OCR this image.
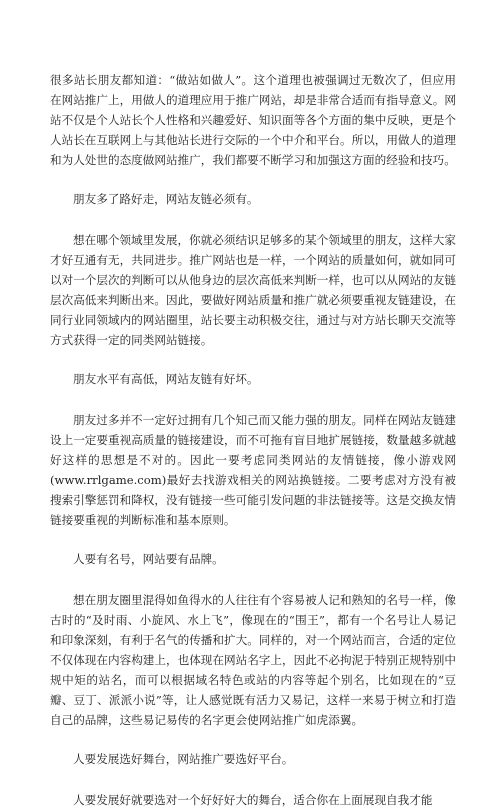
很多站长朋友都知道：“做站如做人”。这个道理也被强调过无数次了，但应用在网站推广上，用做人的道理应用于推广网站，却是非常合适而有指导意义。网站不仅是个人站长个人性格和兴趣爱好、知识面等各个方面的集中反映，更是个人站长在互联网上与其他站长进行交际的一个中介和平台。所以，用做人的道理和为人处世的态度做网站推广，我们都要不断学习和加强这方面的经验和技巧。

朋友多了路好走，网站友链必须有。

想在哪个领域里发展，你就必须结识足够多的某个领域里的朋友，这样大家才好互通有无，共同进步。推广网站也是一样，一个网站的质量如何，就如同可以对一个层次的判断可以从他身边的层次高低来判断一样，也可以从网站的友链层次高低来判断出来。因此，要做好网站质量和推广就必须要重视友链建设，在同行业同领域内的网站圈里，站长要主动积极交往，通过与对方站长聊天交流等方式获得一定的同类网站链接。

朋友水平有高低，网站友链有好坏。

朋友过多并不一定好过拥有几个知己而又能力强的朋友。同样在网站友链建设上一定要重视高质量的链接建设，而不可拖有盲目地扩展链接，数量越多就越好这样的思想是不对的。因此一要考虑同类网站的友情链接，像小游戏网(www.rrlgame.com)最好去找游戏相关的网站换链接。二要考虑对方没有被搜索引擎惩罚和降权，没有链接一些可能引发问题的非法链接等。这是交换友情链接要重视的判断标准和基本原则。

人要有名号，网站要有品牌。

想在朋友圈里混得如鱼得水的人往往有个容易被人记和熟知的名号一样，像古时的“及时雨、小旋风、水上飞”，像现在的“围王”，都有一个名号让人易记和印象深刻，有利于名气的传播和扩大。同样的，对一个网站而言，合适的定位不仅体现在内容构建上，也体现在网站名字上，因此不必拘泥于特别正规特别中规中矩的站名，而可以根据域名特色或站的内容等起个别名，比如现在的“豆瓣、豆丁、派派小说”等，让人感觉既有活力又易记，这样一来易于树立和打造自己的品牌，这些易记易传的名字更会使网站推广如虎添翼。

人要发展选好舞台，网站推广要选好平台。

人要发展好就要选对一个好好好大的舞台，适合你在上面展现自我才能
